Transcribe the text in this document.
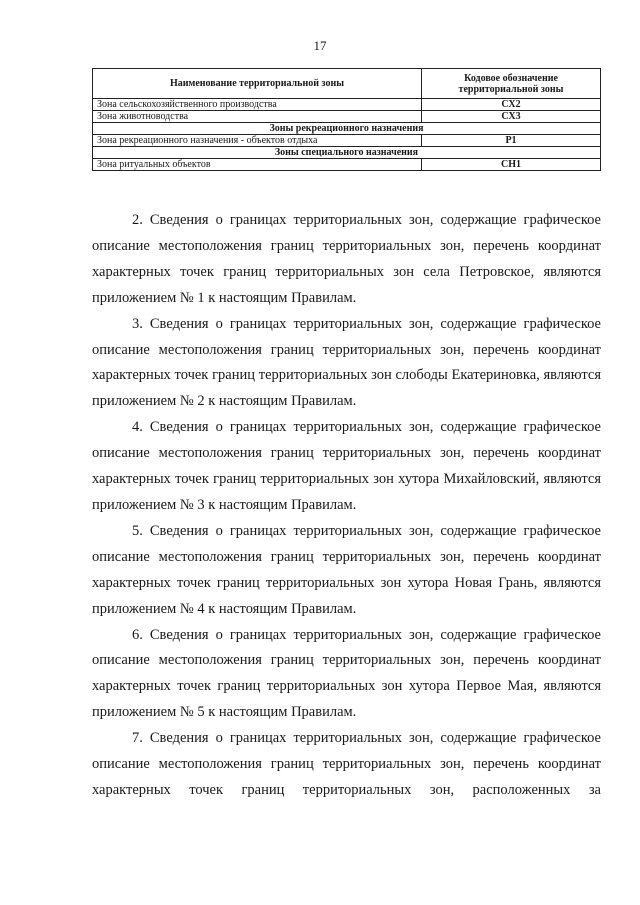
17
Наименование территориальной зоны	Кодовое обозначение территориальной зоны
Зона сельскохозяйственного производства	СХ2
Зона животноводства	СХ3
Зоны рекреационного назначения	
Зона рекреационного назначения - объектов отдыха	Р1
Зоны специального назначения	
Зона ритуальных объектов	СН1

2. Сведения о границах территориальных зон, содержащие графическое описание местоположения границ территориальных зон, перечень координат характерных точек границ территориальных зон села Петровское, являются приложением № 1 к настоящим Правилам.

3. Сведения о границах территориальных зон, содержащие графическое описание местоположения границ территориальных зон, перечень координат характерных точек границ территориальных зон слободы Екатериновка, являются приложением № 2 к настоящим Правилам.

4. Сведения о границах территориальных зон, содержащие графическое описание местоположения границ территориальных зон, перечень координат характерных точек границ территориальных зон хутора Михайловский, являются приложением № 3 к настоящим Правилам.

5. Сведения о границах территориальных зон, содержащие графическое описание местоположения границ территориальных зон, перечень координат характерных точек границ территориальных зон хутора Новая Грань, являются приложением № 4 к настоящим Правилам.

6. Сведения о границах территориальных зон, содержащие графическое описание местоположения границ территориальных зон, перечень координат характерных точек границ территориальных зон хутора Первое Мая, являются приложением № 5 к настоящим Правилам.

7. Сведения о границах территориальных зон, содержащие графическое описание местоположения границ территориальных зон, перечень координат характерных точек границ территориальных зон, расположенных за
